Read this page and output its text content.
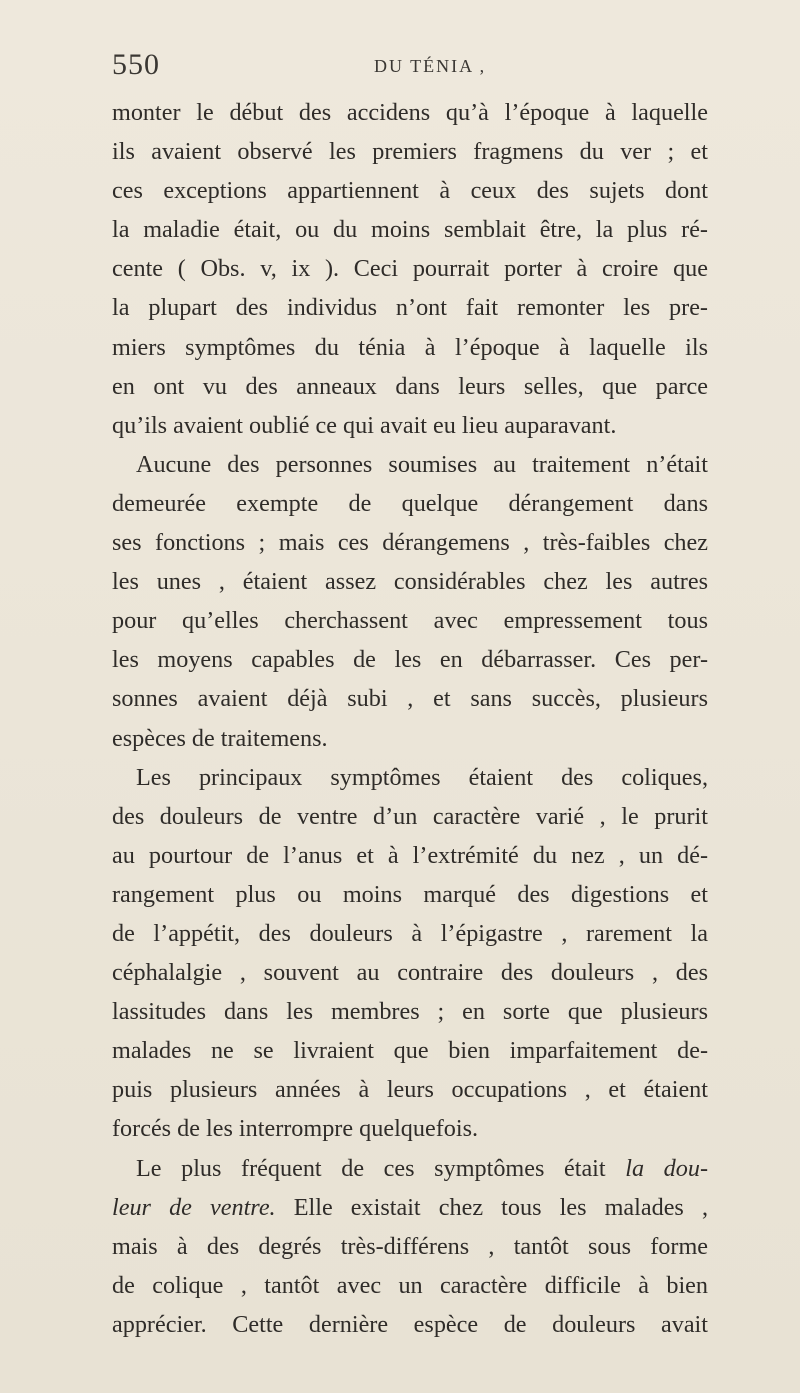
550	DU TÉNIA ,
monter le début des accidens qu’à l’époque à laquelle
ils avaient observé les premiers fragmens du ver ; et
ces exceptions appartiennent à ceux des sujets dont
la maladie était, ou du moins semblait être, la plus ré-
cente ( Obs. v, ix ). Ceci pourrait porter à croire que
la plupart des individus n’ont fait remonter les pre-
miers symptômes du ténia à l’époque à laquelle ils
en ont vu des anneaux dans leurs selles, que parce
qu’ils avaient oublié ce qui avait eu lieu auparavant.
Aucune des personnes soumises au traitement n’était
demeurée exempte de quelque dérangement dans
ses fonctions ; mais ces dérangemens , très-faibles chez
les unes , étaient assez considérables chez les autres
pour qu’elles cherchassent avec empressement tous
les moyens capables de les en débarrasser. Ces per-
sonnes avaient déjà subi , et sans succès, plusieurs
espèces de traitemens.
Les principaux symptômes étaient des coliques,
des douleurs de ventre d’un caractère varié , le prurit
au pourtour de l’anus et à l’extrémité du nez , un dé-
rangement plus ou moins marqué des digestions et
de l’appétit, des douleurs à l’épigastre , rarement la
céphalalgie , souvent au contraire des douleurs , des
lassitudes dans les membres ; en sorte que plusieurs
malades ne se livraient que bien imparfaitement de-
puis plusieurs années à leurs occupations , et étaient
forcés de les interrompre quelquefois.
Le plus fréquent de ces symptômes était la dou-
leur de ventre. Elle existait chez tous les malades ,
mais à des degrés très-différens , tantôt sous forme
de colique , tantôt avec un caractère difficile à bien
apprécier. Cette dernière espèce de douleurs avait
